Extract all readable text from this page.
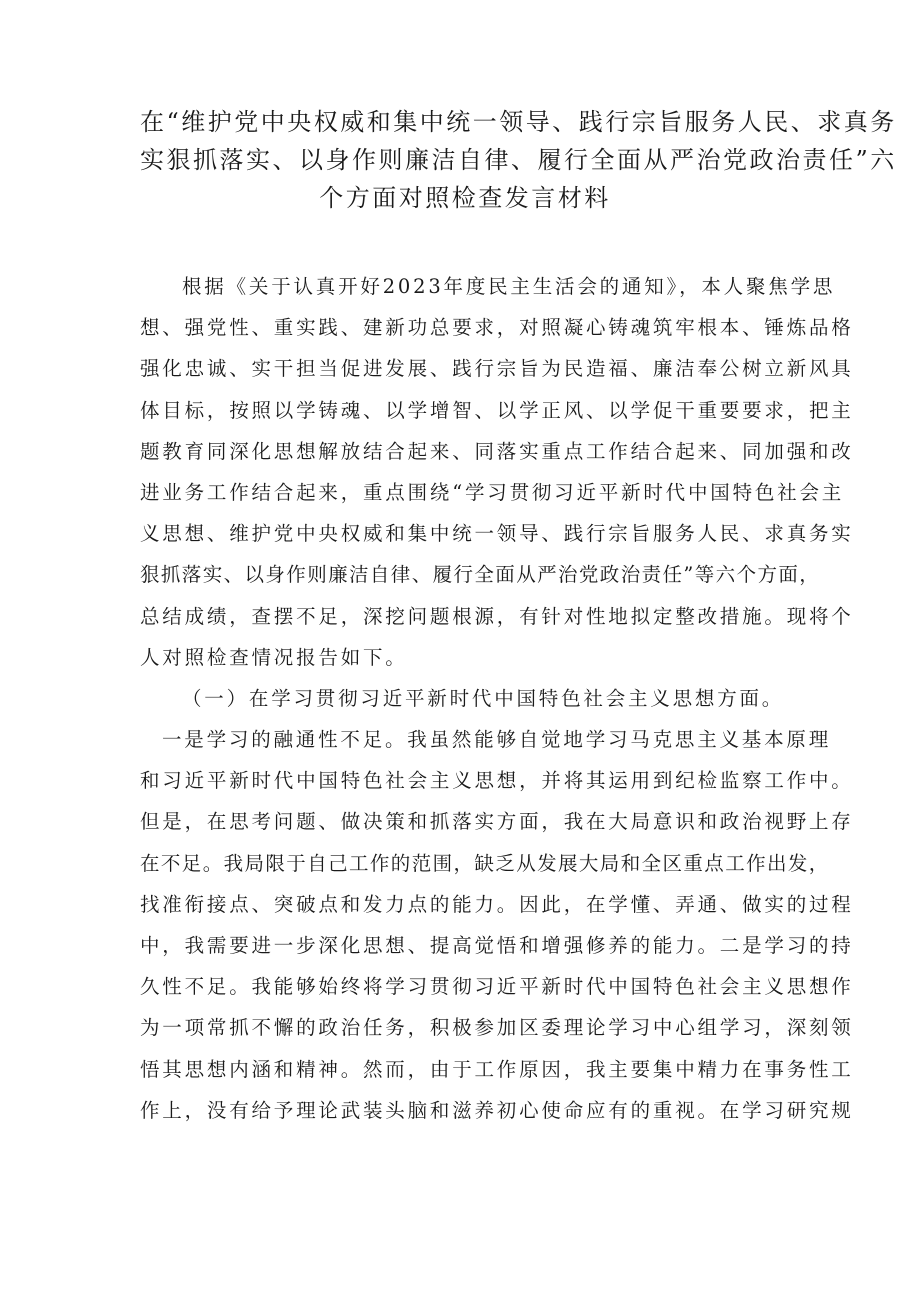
在“维护党中央权威和集中统一领导、践行宗旨服务人民、求真务
实狠抓落实、以身作则廉洁自律、履行全面从严治党政治责任”六
个方面对照检查发言材料
根据《关于认真开好2023年度民主生活会的通知》，本人聚焦学思
想、强党性、重实践、建新功总要求，对照凝心铸魂筑牢根本、锤炼品格
强化忠诚、实干担当促进发展、践行宗旨为民造福、廉洁奉公树立新风具
体目标，按照以学铸魂、以学增智、以学正风、以学促干重要要求，把主
题教育同深化思想解放结合起来、同落实重点工作结合起来、同加强和改
进业务工作结合起来，重点围绕“学习贯彻习近平新时代中国特色社会主
义思想、维护党中央权威和集中统一领导、践行宗旨服务人民、求真务实
狠抓落实、以身作则廉洁自律、履行全面从严治党政治责任”等六个方面，
总结成绩，查摆不足，深挖问题根源，有针对性地拟定整改措施。现将个
人对照检查情况报告如下。
（一）在学习贯彻习近平新时代中国特色社会主义思想方面。
一是学习的融通性不足。我虽然能够自觉地学习马克思主义基本原理
和习近平新时代中国特色社会主义思想，并将其运用到纪检监察工作中。
但是，在思考问题、做决策和抓落实方面，我在大局意识和政治视野上存
在不足。我局限于自己工作的范围，缺乏从发展大局和全区重点工作出发，
找准衔接点、突破点和发力点的能力。因此，在学懂、弄通、做实的过程
中，我需要进一步深化思想、提高觉悟和增强修养的能力。二是学习的持
久性不足。我能够始终将学习贯彻习近平新时代中国特色社会主义思想作
为一项常抓不懈的政治任务，积极参加区委理论学习中心组学习，深刻领
悟其思想内涵和精神。然而，由于工作原因，我主要集中精力在事务性工
作上，没有给予理论武装头脑和滋养初心使命应有的重视。在学习研究规
